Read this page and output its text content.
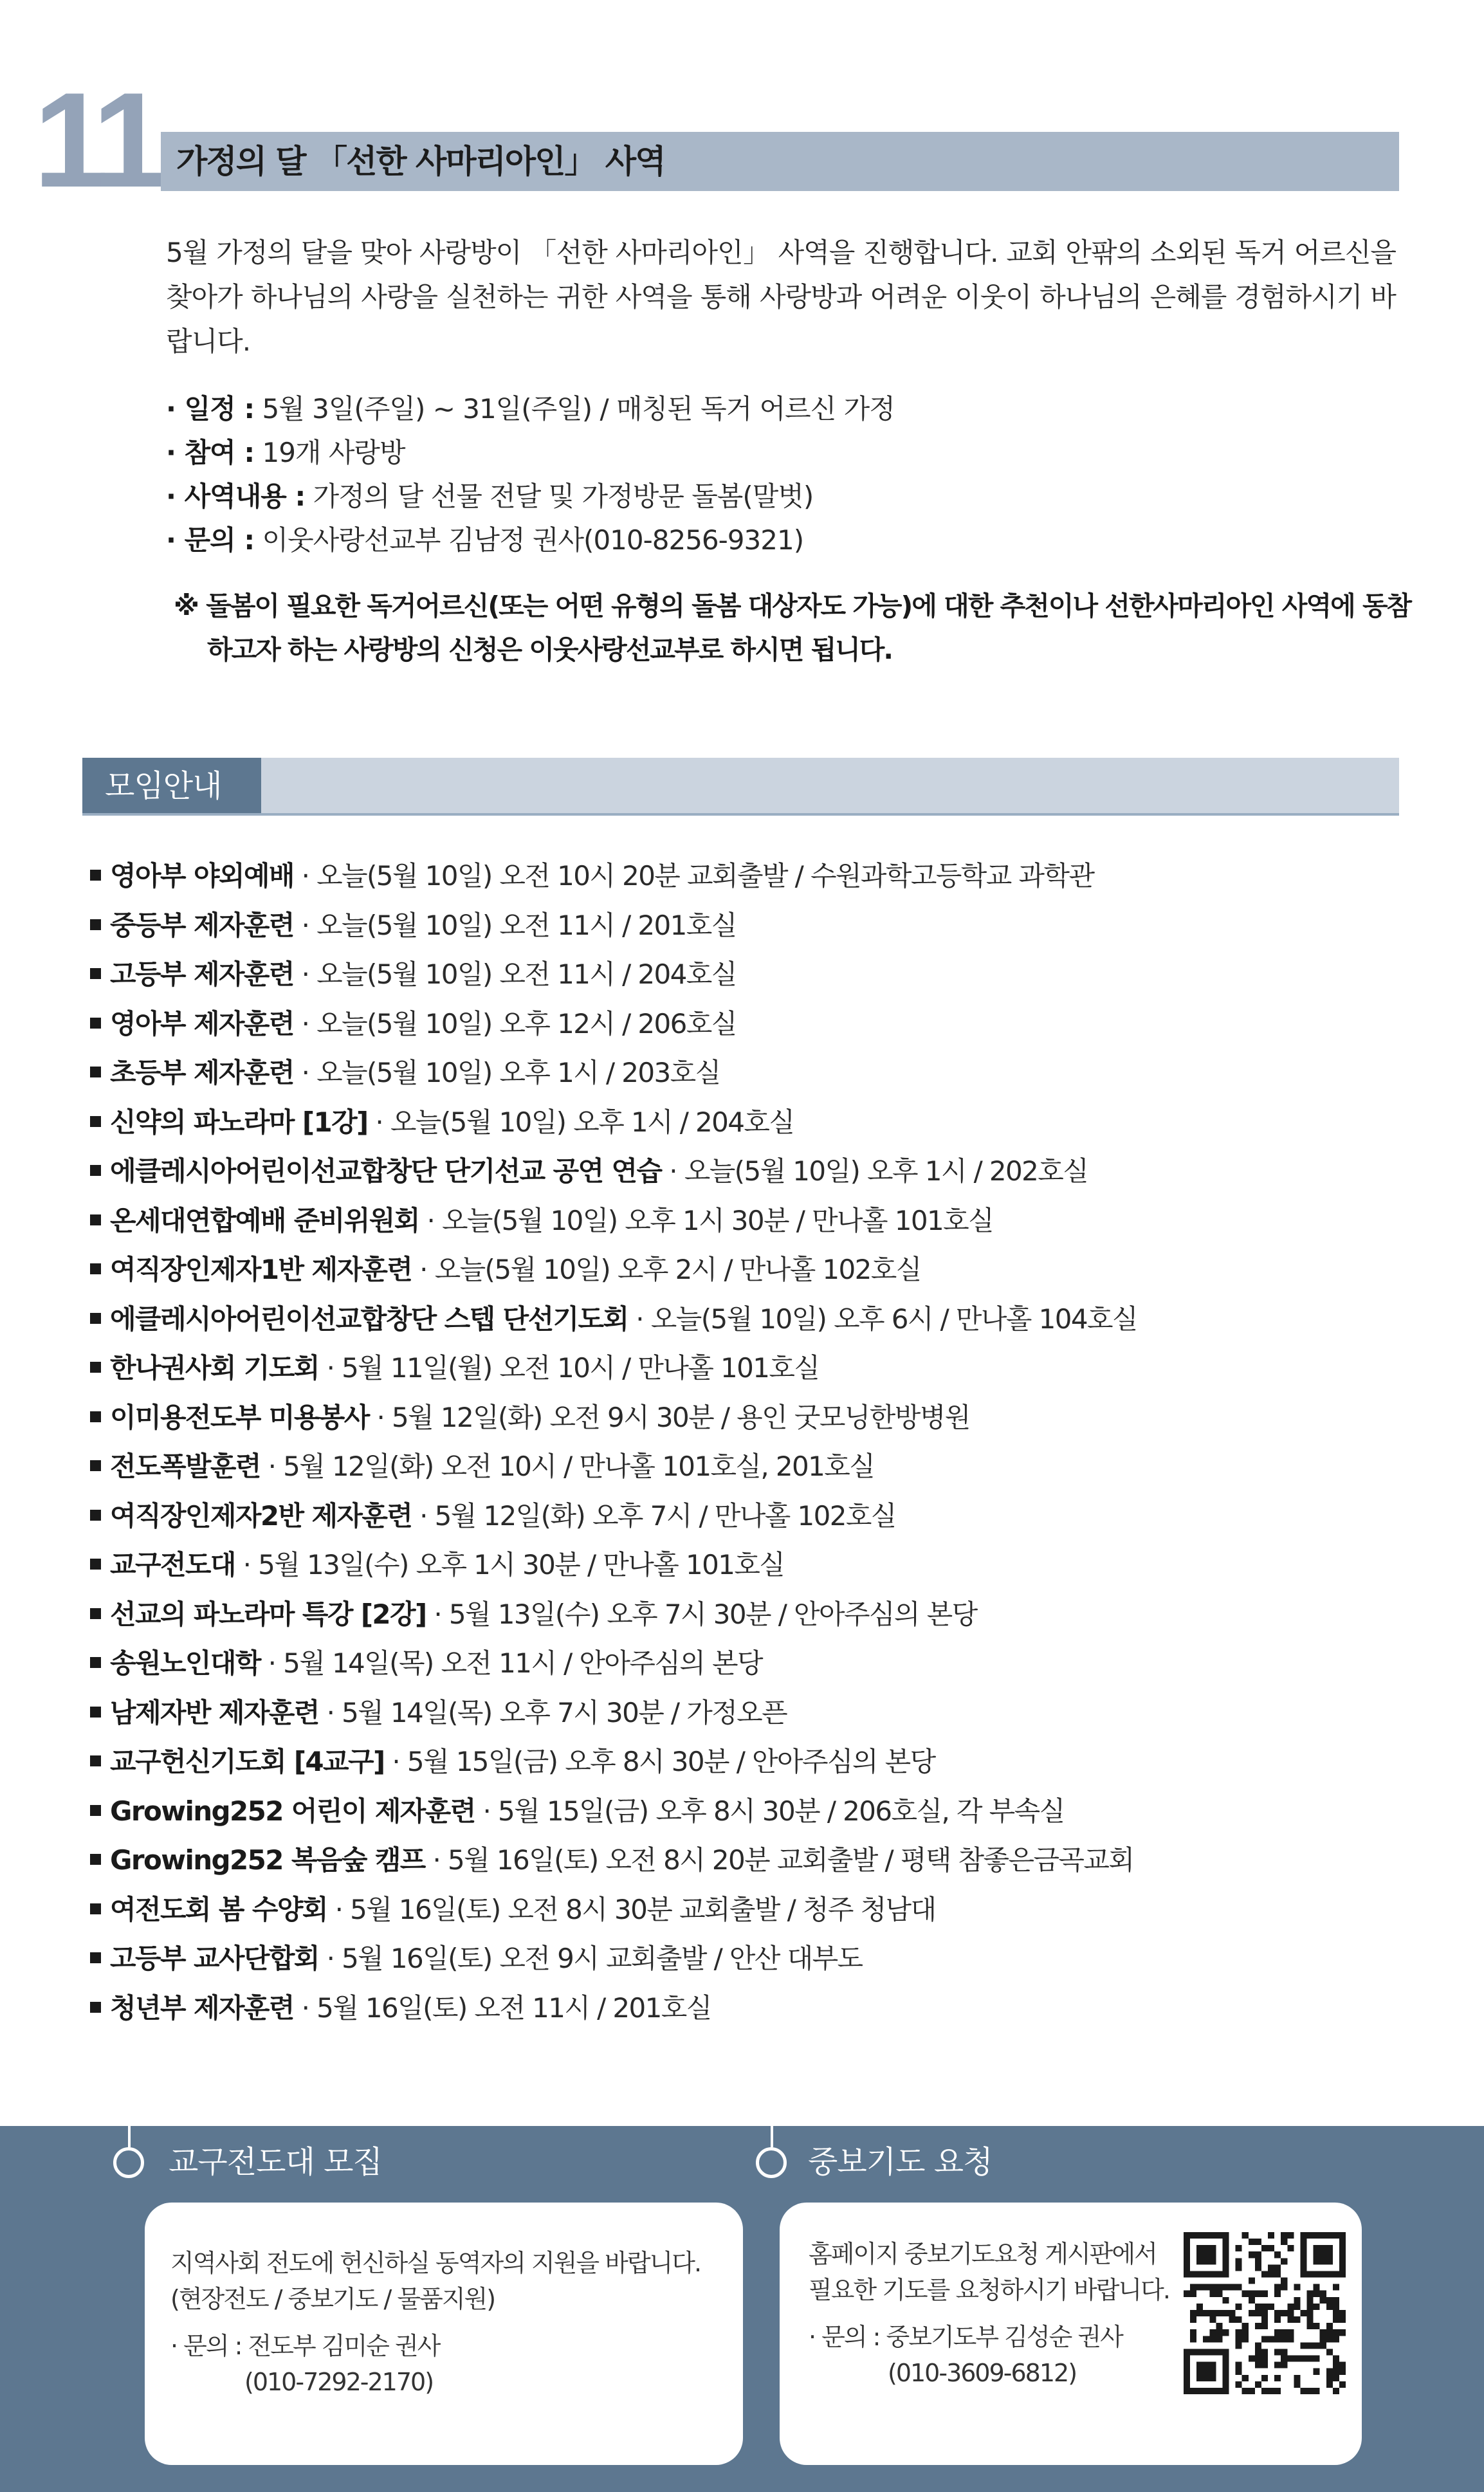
11 가정의 달 「선한 사마리아인」 사역
5월 가정의 달을 맞아 사랑방이 「선한 사마리아인」 사역을 진행합니다. 교회 안팎의 소외된 독거 어르신을 찾아가 하나님의 사랑을 실천하는 귀한 사역을 통해 사랑방과 어려운 이웃이 하나님의 은혜를 경험하시기 바랍니다.
· 일정 : 5월 3일(주일) ~ 31일(주일) / 매칭된 독거 어르신 가정
· 참여 : 19개 사랑방
· 사역내용 : 가정의 달 선물 전달 및 가정방문 돌봄(말벗)
· 문의 : 이웃사랑선교부 김남정 권사(010-8256-9321)
※ 돌봄이 필요한 독거어르신(또는 어떤 유형의 돌봄 대상자도 가능)에 대한 추천이나 선한사마리아인 사역에 동참하고자 하는 사랑방의 신청은 이웃사랑선교부로 하시면 됩니다.
모임안내
영아부 야외예배 · 오늘(5월 10일) 오전 10시 20분 교회출발 / 수원과학고등학교 과학관
중등부 제자훈련 · 오늘(5월 10일) 오전 11시 / 201호실
고등부 제자훈련 · 오늘(5월 10일) 오전 11시 / 204호실
영아부 제자훈련 · 오늘(5월 10일) 오후 12시 / 206호실
초등부 제자훈련 · 오늘(5월 10일) 오후 1시 / 203호실
신약의 파노라마 [1강] · 오늘(5월 10일) 오후 1시 / 204호실
에클레시아어린이선교합창단 단기선교 공연 연습 · 오늘(5월 10일) 오후 1시 / 202호실
온세대연합예배 준비위원회 · 오늘(5월 10일) 오후 1시 30분 / 만나홀 101호실
여직장인제자1반 제자훈련 · 오늘(5월 10일) 오후 2시 / 만나홀 102호실
에클레시아어린이선교합창단 스텝 단선기도회 · 오늘(5월 10일) 오후 6시 / 만나홀 104호실
한나권사회 기도회 · 5월 11일(월) 오전 10시 / 만나홀 101호실
이미용전도부 미용봉사 · 5월 12일(화) 오전 9시 30분 / 용인 굿모닝한방병원
전도폭발훈련 · 5월 12일(화) 오전 10시 / 만나홀 101호실, 201호실
여직장인제자2반 제자훈련 · 5월 12일(화) 오후 7시 / 만나홀 102호실
교구전도대 · 5월 13일(수) 오후 1시 30분 / 만나홀 101호실
선교의 파노라마 특강 [2강] · 5월 13일(수) 오후 7시 30분 / 안아주심의 본당
송원노인대학 · 5월 14일(목) 오전 11시 / 안아주심의 본당
남제자반 제자훈련 · 5월 14일(목) 오후 7시 30분 / 가정오픈
교구헌신기도회 [4교구] · 5월 15일(금) 오후 8시 30분 / 안아주심의 본당
Growing252 어린이 제자훈련 · 5월 15일(금) 오후 8시 30분 / 206호실, 각 부속실
Growing252 복음숲 캠프 · 5월 16일(토) 오전 8시 20분 교회출발 / 평택 참좋은금곡교회
여전도회 봄 수양회 · 5월 16일(토) 오전 8시 30분 교회출발 / 청주 청남대
고등부 교사단합회 · 5월 16일(토) 오전 9시 교회출발 / 안산 대부도
청년부 제자훈련 · 5월 16일(토) 오전 11시 / 201호실
교구전도대 모집	중보기도 요청
지역사회 전도에 헌신하실 동역자의 지원을 바랍니다.
(현장전도 / 중보기도 / 물품지원)
· 문의 : 전도부 김미순 권사
(010-7292-2170)
홈페이지 중보기도요청 게시판에서
필요한 기도를 요청하시기 바랍니다.
· 문의 : 중보기도부 김성순 권사
(010-3609-6812)
